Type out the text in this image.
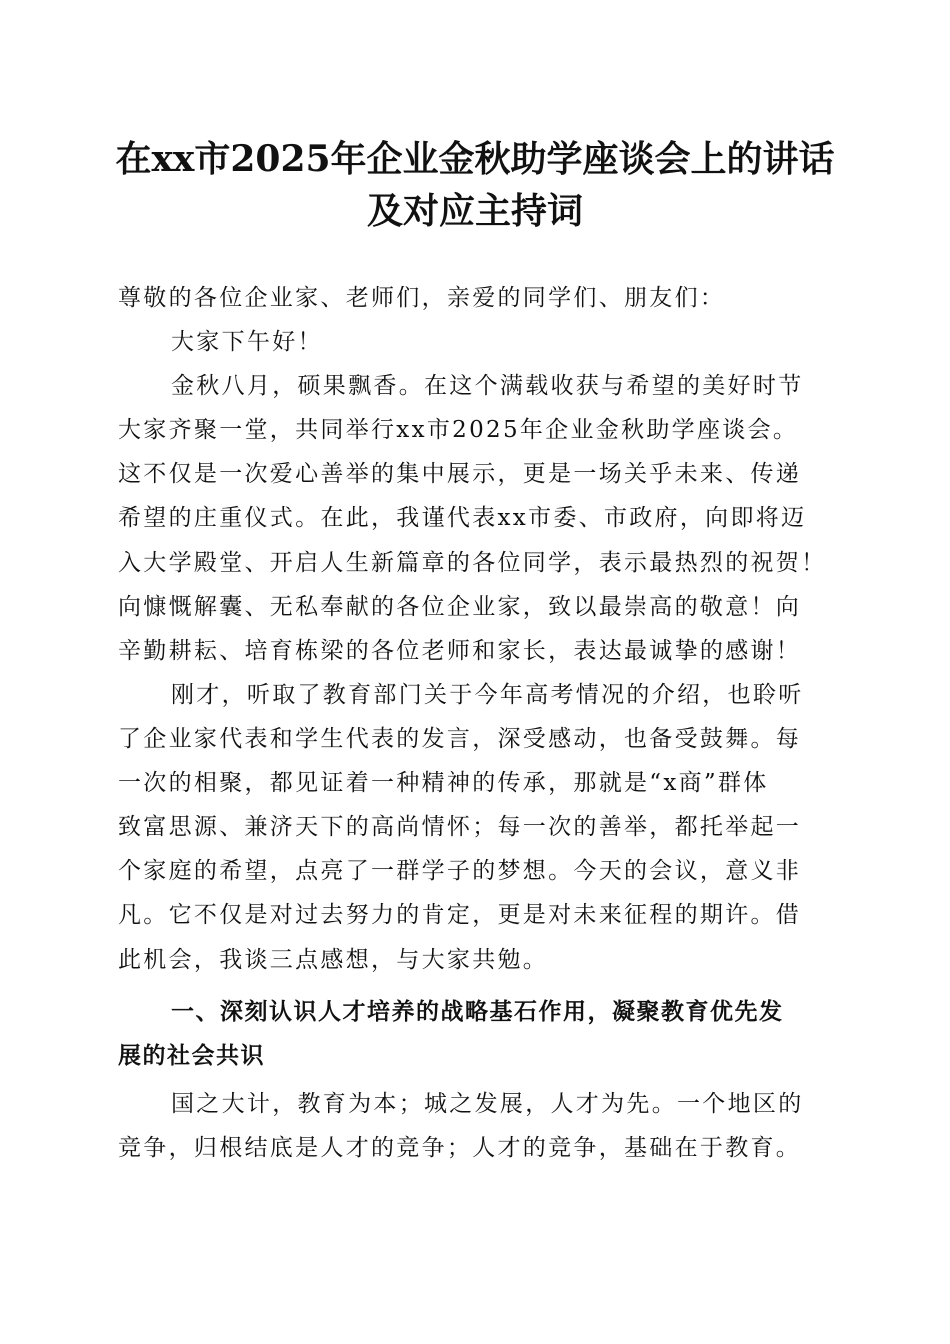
在xx市2025年企业金秋助学座谈会上的讲话
及对应主持词
尊敬的各位企业家、老师们，亲爱的同学们、朋友们：
大家下午好！
金秋八月，硕果飘香。在这个满载收获与希望的美好时节
大家齐聚一堂，共同举行xx市2025年企业金秋助学座谈会。
这不仅是一次爱心善举的集中展示，更是一场关乎未来、传递
希望的庄重仪式。在此，我谨代表xx市委、市政府，向即将迈
入大学殿堂、开启人生新篇章的各位同学，表示最热烈的祝贺！
向慷慨解囊、无私奉献的各位企业家，致以最崇高的敬意！向
辛勤耕耘、培育栋梁的各位老师和家长，表达最诚挚的感谢！
刚才，听取了教育部门关于今年高考情况的介绍，也聆听
了企业家代表和学生代表的发言，深受感动，也备受鼓舞。每
一次的相聚，都见证着一种精神的传承，那就是“x商”群体
致富思源、兼济天下的高尚情怀；每一次的善举，都托举起一
个家庭的希望，点亮了一群学子的梦想。今天的会议，意义非
凡。它不仅是对过去努力的肯定，更是对未来征程的期许。借
此机会，我谈三点感想，与大家共勉。
一、深刻认识人才培养的战略基石作用，凝聚教育优先发
展的社会共识
国之大计，教育为本；城之发展，人才为先。一个地区的
竞争，归根结底是人才的竞争；人才的竞争，基础在于教育。
